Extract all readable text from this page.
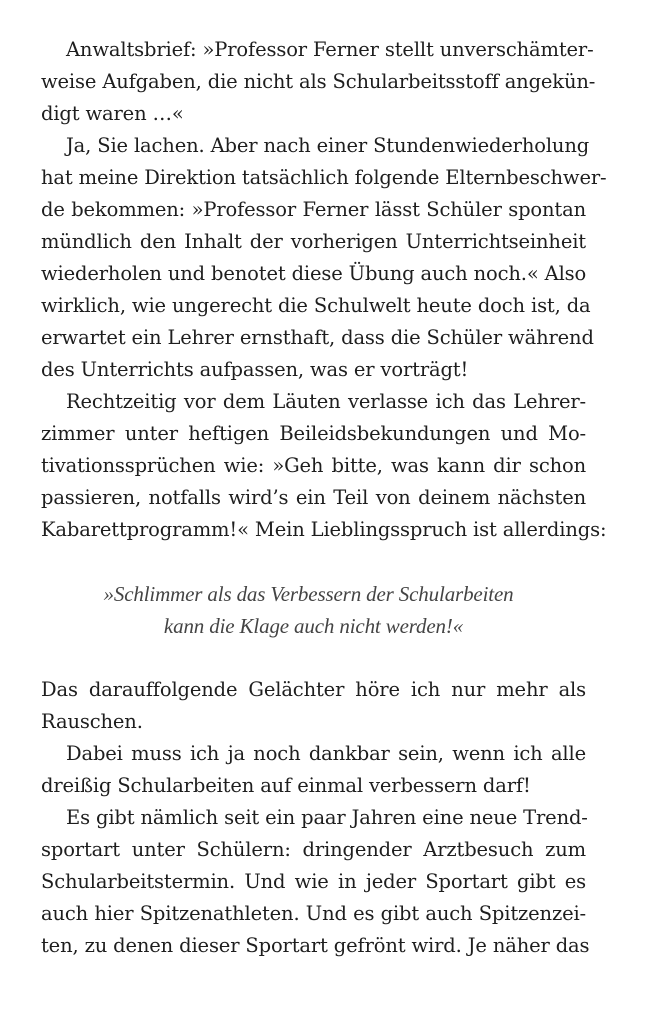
Anwaltsbrief: »Professor Ferner stellt unverschämter-
weise Aufgaben, die nicht als Schularbeitsstoff angekün-
digt waren …«
Ja, Sie lachen. Aber nach einer Stundenwiederholung
hat meine Direktion tatsächlich folgende Elternbeschwer-
de bekommen: »Professor Ferner lässt Schüler spontan
mündlich den Inhalt der vorherigen Unterrichtseinheit
wiederholen und benotet diese Übung auch noch.« Also
wirklich, wie ungerecht die Schulwelt heute doch ist, da
erwartet ein Lehrer ernsthaft, dass die Schüler während
des Unterrichts aufpassen, was er vorträgt!
Rechtzeitig vor dem Läuten verlasse ich das Lehrer-
zimmer unter heftigen Beileidsbekundungen und Mo-
tivationssprüchen wie: »Geh bitte, was kann dir schon
passieren, notfalls wird’s ein Teil von deinem nächsten
Kabarettprogramm!« Mein Lieblingsspruch ist allerdings:
»Schlimmer als das Verbessern der Schularbeiten
kann die Klage auch nicht werden!«
Das darauffolgende Gelächter höre ich nur mehr als
Rauschen.
Dabei muss ich ja noch dankbar sein, wenn ich alle
dreißig Schularbeiten auf einmal verbessern darf!
Es gibt nämlich seit ein paar Jahren eine neue Trend-
sportart unter Schülern: dringender Arztbesuch zum
Schularbeitstermin. Und wie in jeder Sportart gibt es
auch hier Spitzenathleten. Und es gibt auch Spitzenzei-
ten, zu denen dieser Sportart gefrönt wird. Je näher das
